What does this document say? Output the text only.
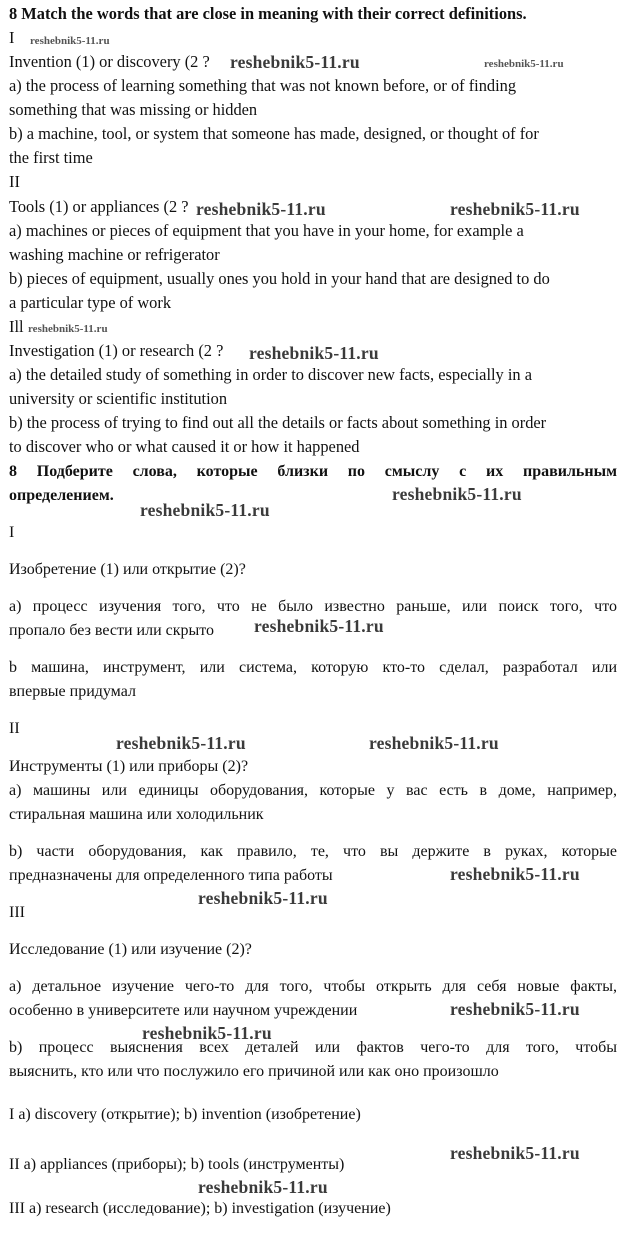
8 Match the words that are close in meaning with their correct definitions.
I
Invention (1) or discovery (2 ?
a) the process of learning something that was not known before, or of finding
something that was missing or hidden
b) a machine, tool, or system that someone has made, designed, or thought of for
the first time
II
Tools (1) or appliances (2 ?
a) machines or pieces of equipment that you have in your home, for example a
washing machine or refrigerator
b) pieces of equipment, usually ones you hold in your hand that are designed to do
a particular type of work
Ill
Investigation (1) or research (2 ?
a) the detailed study of something in order to discover new facts, especially in a
university or scientific institution
b) the process of trying to find out all the details or facts about something in order
to discover who or what caused it or how it happened
8 Подберите слова, которые близки по смыслу с их правильным
определением.
I
Изобретение (1) или открытие (2)?
а) процесс изучения того, что не было известно раньше, или поиск того, что
пропало без вести или скрыто
b машина, инструмент, или система, которую кто-то сделал, разработал или
впервые придумал
II
Инструменты (1) или приборы (2)?
а) машины или единицы оборудования, которые у вас есть в доме, например,
стиральная машина или холодильник
b) части оборудования, как правило, те, что вы держите в руках, которые
предназначены для определенного типа работы
III
Исследование (1) или изучение (2)?
а) детальное изучение чего-то для того, чтобы открыть для себя новые факты,
особенно в университете или научном учреждении
b) процесс выяснения всех деталей или фактов чего-то для того, чтобы
выяснить, кто или что послужило его причиной или как оно произошло
I a) discovery (открытие); b) invention (изобретение)
II a) appliances (приборы); b) tools (инструменты)
III a) research (исследование); b) investigation (изучение)
reshebnik5-11.ru
reshebnik5-11.ru	reshebnik5-11.ru
reshebnik5-11.ru	reshebnik5-11.ru
reshebnik5-11.ru
reshebnik5-11.ru
reshebnik5-11.ru
reshebnik5-11.ru
reshebnik5-11.ru
reshebnik5-11.ru	reshebnik5-11.ru
reshebnik5-11.ru
reshebnik5-11.ru
reshebnik5-11.ru
reshebnik5-11.ru
reshebnik5-11.ru
reshebnik5-11.ru
